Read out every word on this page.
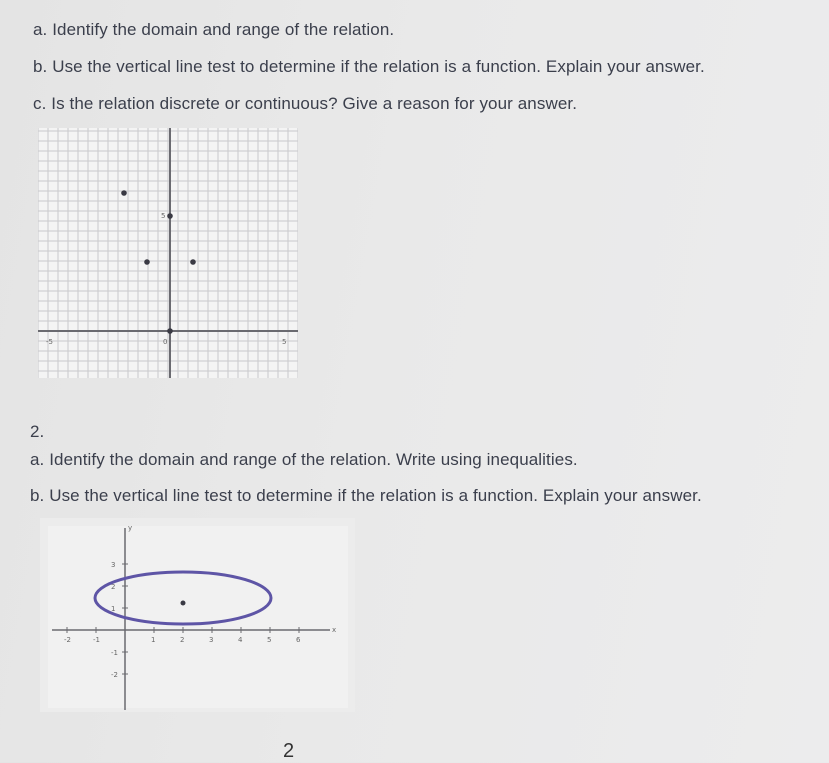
a. Identify the domain and range of the relation.
b. Use the vertical line test to determine if the relation is a function. Explain your answer.
c. Is the relation discrete or continuous? Give a reason for your answer.
-5	0	5
5
2.
a. Identify the domain and range of the relation. Write using inequalities.
b. Use the vertical line test to determine if the relation is a function. Explain your answer.
y
x
-2	-1	1	2	3	4	5	6
3
2
1
-1
-2
2
